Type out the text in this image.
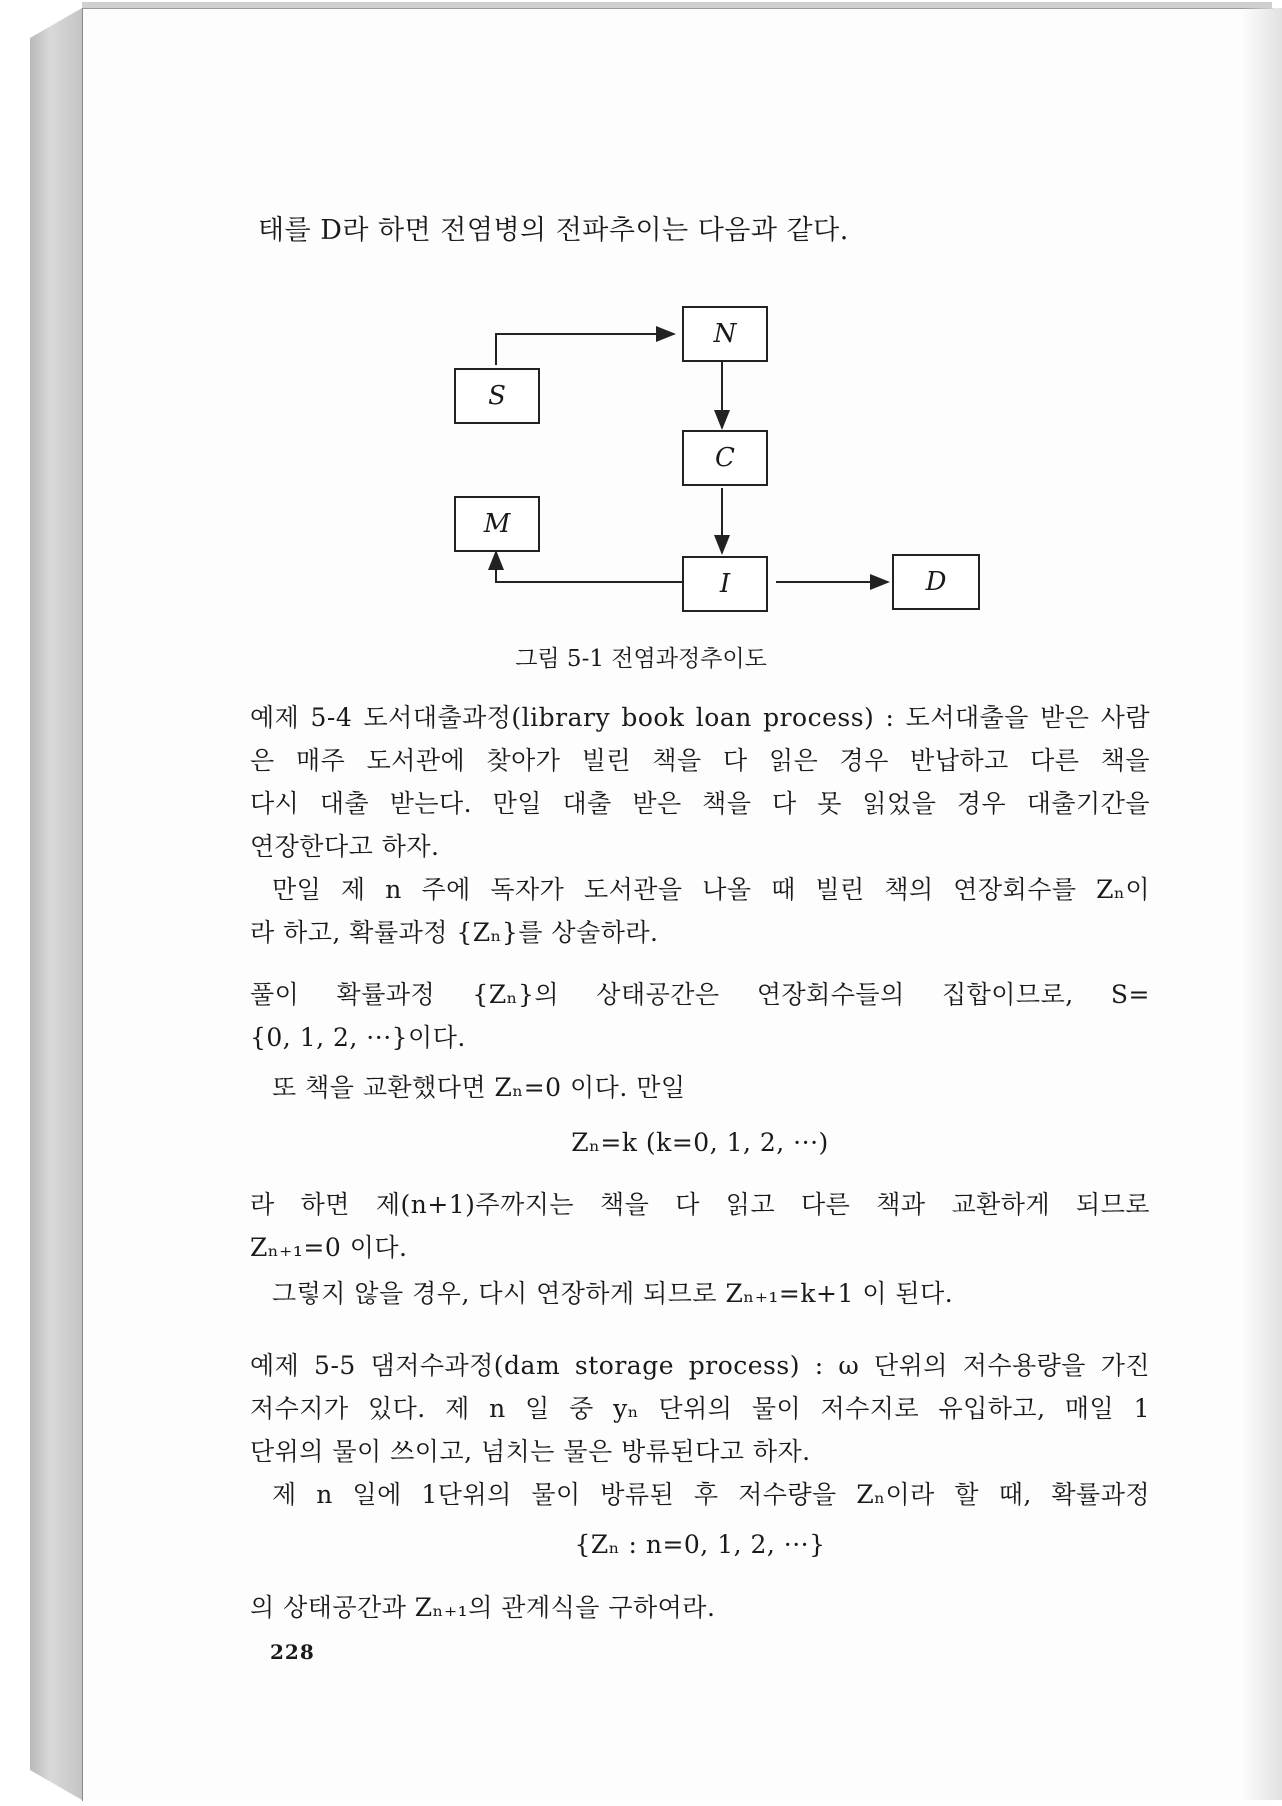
태를 D라 하면 전염병의 전파추이는 다음과 같다.
N
S
C
M
I	D
그림 5-1 전염과정추이도
예제 5-4 도서대출과정(library book loan process) : 도서대출을 받은 사람
은 매주 도서관에 찾아가 빌린 책을 다 읽은 경우 반납하고 다른 책을
다시 대출 받는다. 만일 대출 받은 책을 다 못 읽었을 경우 대출기간을
연장한다고 하자.
만일 제 n 주에 독자가 도서관을 나올 때 빌린 책의 연장회수를 Zₙ이
라 하고, 확률과정 {Zₙ}를 상술하라.
풀이 확률과정 {Zₙ}의 상태공간은 연장회수들의 집합이므로, S=
{0, 1, 2, ···}이다.
또 책을 교환했다면 Zₙ=0 이다. 만일
Zₙ=k (k=0, 1, 2, ···)
라 하면 제(n+1)주까지는 책을 다 읽고 다른 책과 교환하게 되므로
Zₙ₊₁=0 이다.
그렇지 않을 경우, 다시 연장하게 되므로 Zₙ₊₁=k+1 이 된다.
예제 5-5 댐저수과정(dam storage process) : ω 단위의 저수용량을 가진
저수지가 있다. 제 n 일 중 yₙ 단위의 물이 저수지로 유입하고, 매일 1
단위의 물이 쓰이고, 넘치는 물은 방류된다고 하자.
제 n 일에 1단위의 물이 방류된 후 저수량을 Zₙ이라 할 때, 확률과정
{Zₙ : n=0, 1, 2, ···}
의 상태공간과 Zₙ₊₁의 관계식을 구하여라.
228
